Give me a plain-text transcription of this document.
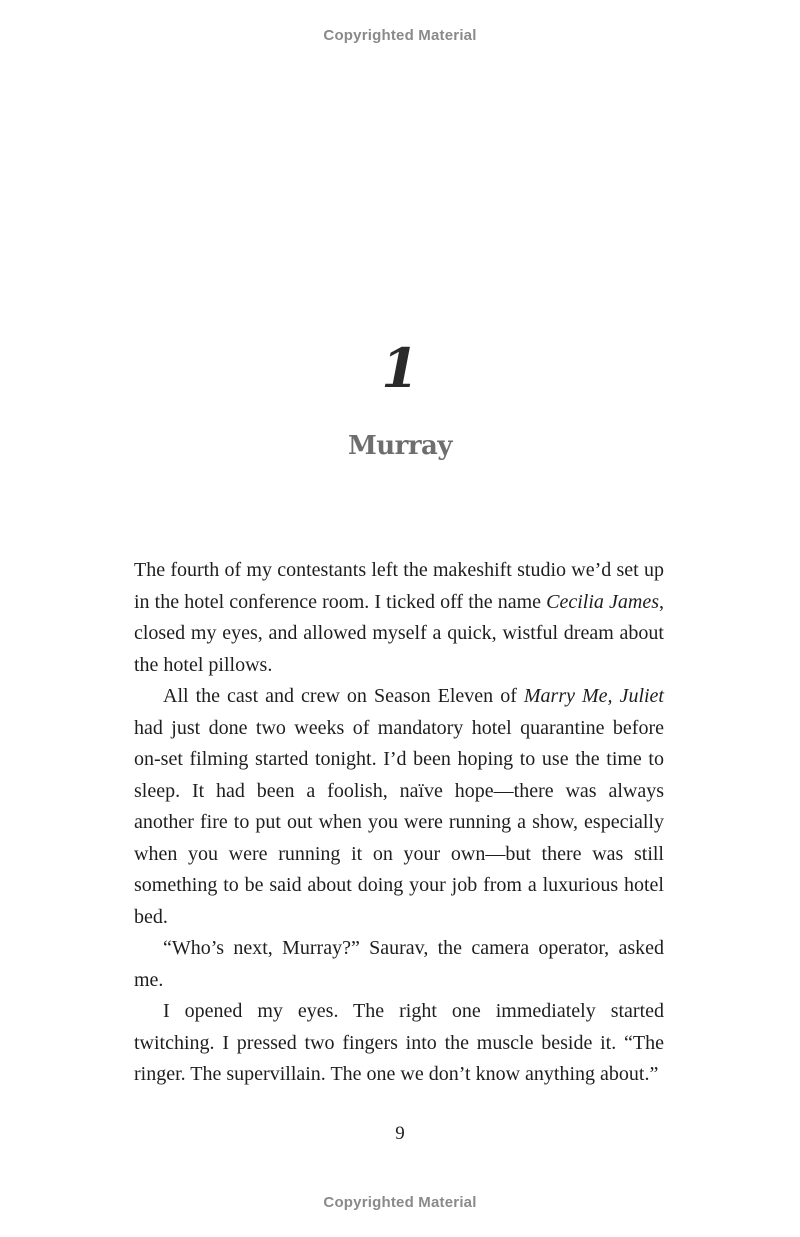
Copyrighted Material
1
Murray

The fourth of my contestants left the makeshift studio we’d set up in the hotel conference room. I ticked off the name Cecilia James, closed my eyes, and allowed myself a quick, wistful dream about the hotel pillows.

All the cast and crew on Season Eleven of Marry Me, Juliet had just done two weeks of mandatory hotel quarantine before on-set filming started tonight. I’d been hoping to use the time to sleep. It had been a foolish, naïve hope—there was always another fire to put out when you were running a show, especially when you were running it on your own—but there was still something to be said about doing your job from a luxurious hotel bed.

“Who’s next, Murray?” Saurav, the camera operator, asked me.

I opened my eyes. The right one immediately started twitching. I pressed two fingers into the muscle beside it. “The ringer. The supervillain. The one we don’t know anything about.”

9
Copyrighted Material
